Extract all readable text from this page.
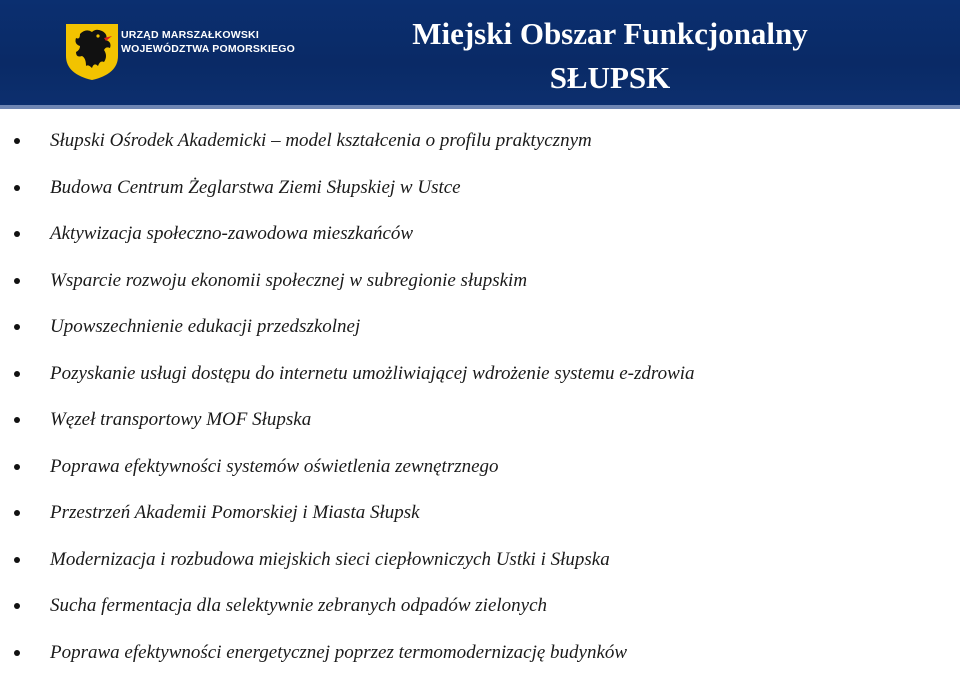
URZĄD MARSZAŁKOWSKI
WOJEWÓDZTWA POMORSKIEGO	Miejski Obszar Funkcjonalny
SŁUPSK
Słupski Ośrodek Akademicki – model kształcenia o profilu praktycznym
Budowa Centrum Żeglarstwa Ziemi Słupskiej w Ustce
Aktywizacja społeczno-zawodowa mieszkańców
Wsparcie rozwoju ekonomii społecznej w subregionie słupskim
Upowszechnienie edukacji przedszkolnej
Pozyskanie usługi dostępu do internetu umożliwiającej wdrożenie systemu e-zdrowia
Węzeł transportowy MOF Słupska
Poprawa efektywności systemów oświetlenia zewnętrznego
Przestrzeń Akademii Pomorskiej i Miasta Słupsk
Modernizacja i rozbudowa miejskich sieci ciepłowniczych Ustki i Słupska
Sucha fermentacja dla selektywnie zebranych odpadów zielonych
Poprawa efektywności energetycznej poprzez termomodernizację budynków
